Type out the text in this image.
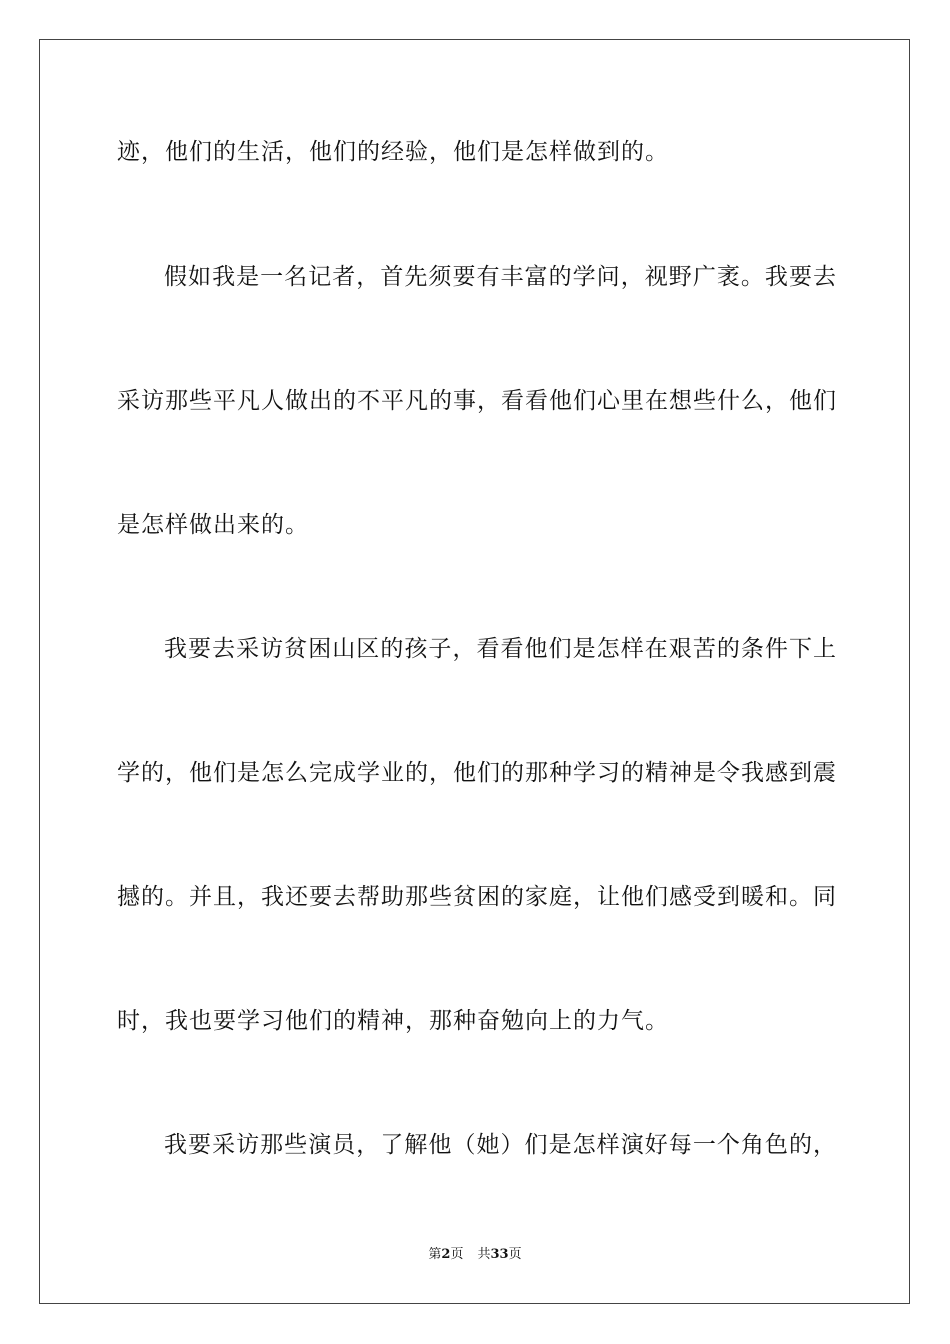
迹，他们的生活，他们的经验，他们是怎样做到的。
假如我是一名记者，首先须要有丰富的学问，视野广袤。我要去
采访那些平凡人做出的不平凡的事，看看他们心里在想些什么，他们
是怎样做出来的。
我要去采访贫困山区的孩子，看看他们是怎样在艰苦的条件下上
学的，他们是怎么完成学业的，他们的那种学习的精神是令我感到震
撼的。并且，我还要去帮助那些贫困的家庭，让他们感受到暖和。同
时，我也要学习他们的精神，那种奋勉向上的力气。
我要采访那些演员，了解他（她）们是怎样演好每一个角色的，
第2页 共33页
